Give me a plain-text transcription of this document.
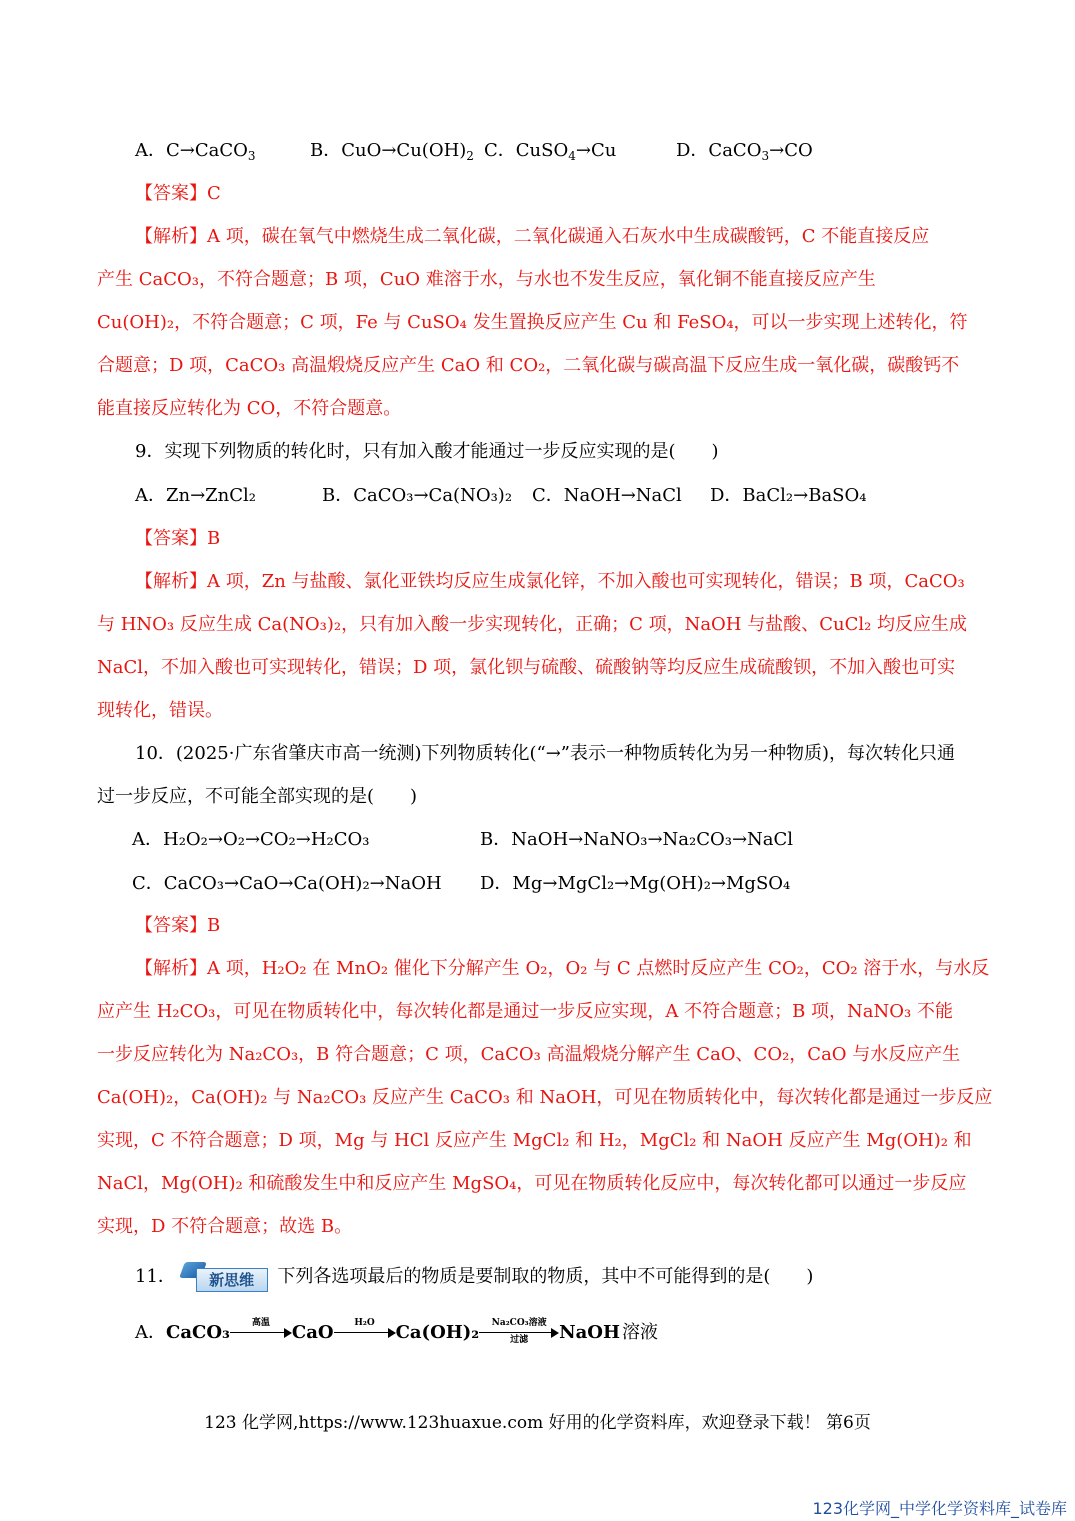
A．C→CaCO$_3$	B．$CuO\to Cu(OH)_2$ C．CuSO$_4$→Cu	D．CaCO$_3$→CO
【答案】C
【解析】A 项，碳在氧气中燃烧生成二氧化碳，二氧化碳通入石灰水中生成碳酸钙，C 不能直接反应
产生 CaCO₃，不符合题意；B 项，CuO 难溶于水，与水也不发生反应，氧化铜不能直接反应产生
Cu(OH)₂，不符合题意；C 项，Fe 与 CuSO₄ 发生置换反应产生 Cu 和 FeSO₄，可以一步实现上述转化，符
合题意；D 项，CaCO₃ 高温煅烧反应产生 CaO 和 CO₂，二氧化碳与碳高温下反应生成一氧化碳，碳酸钙不
能直接反应转化为 CO，不符合题意。
9．实现下列物质的转化时，只有加入酸才能通过一步反应实现的是(　　)
A．Zn→ZnCl₂	B．CaCO₃→Ca(NO₃)₂ C．NaOH→NaCl D．BaCl₂→BaSO₄
【答案】B
【解析】A 项，Zn 与盐酸、氯化亚铁均反应生成氯化锌，不加入酸也可实现转化，错误；B 项，CaCO₃
与 HNO₃ 反应生成 Ca(NO₃)₂，只有加入酸一步实现转化，正确；C 项，NaOH 与盐酸、CuCl₂ 均反应生成
NaCl，不加入酸也可实现转化，错误；D 项，氯化钡与硫酸、硫酸钠等均反应生成硫酸钡，不加入酸也可实
现转化，错误。
10．(2025·广东省肇庆市高一统测)下列物质转化(“→”表示一种物质转化为另一种物质)，每次转化只通
过一步反应，不可能全部实现的是(　　)
A．H₂O₂→O₂→CO₂→H₂CO₃	B．NaOH→NaNO₃→Na₂CO₃→NaCl
C．CaCO₃→CaO→Ca(OH)₂→NaOH D．Mg→MgCl₂→Mg(OH)₂→MgSO₄
【答案】B
【解析】A 项，H₂O₂ 在 MnO₂ 催化下分解产生 O₂，O₂ 与 C 点燃时反应产生 CO₂，CO₂ 溶于水，与水反
应产生 H₂CO₃，可见在物质转化中，每次转化都是通过一步反应实现，A 不符合题意；B 项，NaNO₃ 不能
一步反应转化为 Na₂CO₃，B 符合题意；C 项，CaCO₃ 高温煅烧分解产生 CaO、CO₂，CaO 与水反应产生
Ca(OH)₂，Ca(OH)₂ 与 Na₂CO₃ 反应产生 CaCO₃ 和 NaOH，可见在物质转化中，每次转化都是通过一步反应
实现，C 不符合题意；D 项，Mg 与 HCl 反应产生 MgCl₂ 和 H₂，MgCl₂ 和 NaOH 反应产生 Mg(OH)₂ 和
NaCl，Mg(OH)₂ 和硫酸发生中和反应产生 MgSO₄，可见在物质转化反应中，每次转化都可以通过一步反应
实现，D 不符合题意；故选 B。
11．	新思维	下列各选项最后的物质是要制取的物质，其中不可能得到的是(　　)
A． CaCO₃	高温	CaO	H₂O	Ca(OH)₂	Na₂CO₃溶液
过滤	NaOH 溶液
123 化学网,https://www.123huaxue.com 好用的化学资料库，欢迎登录下载！ 第6页
123化学网_中学化学资料库_试卷库
